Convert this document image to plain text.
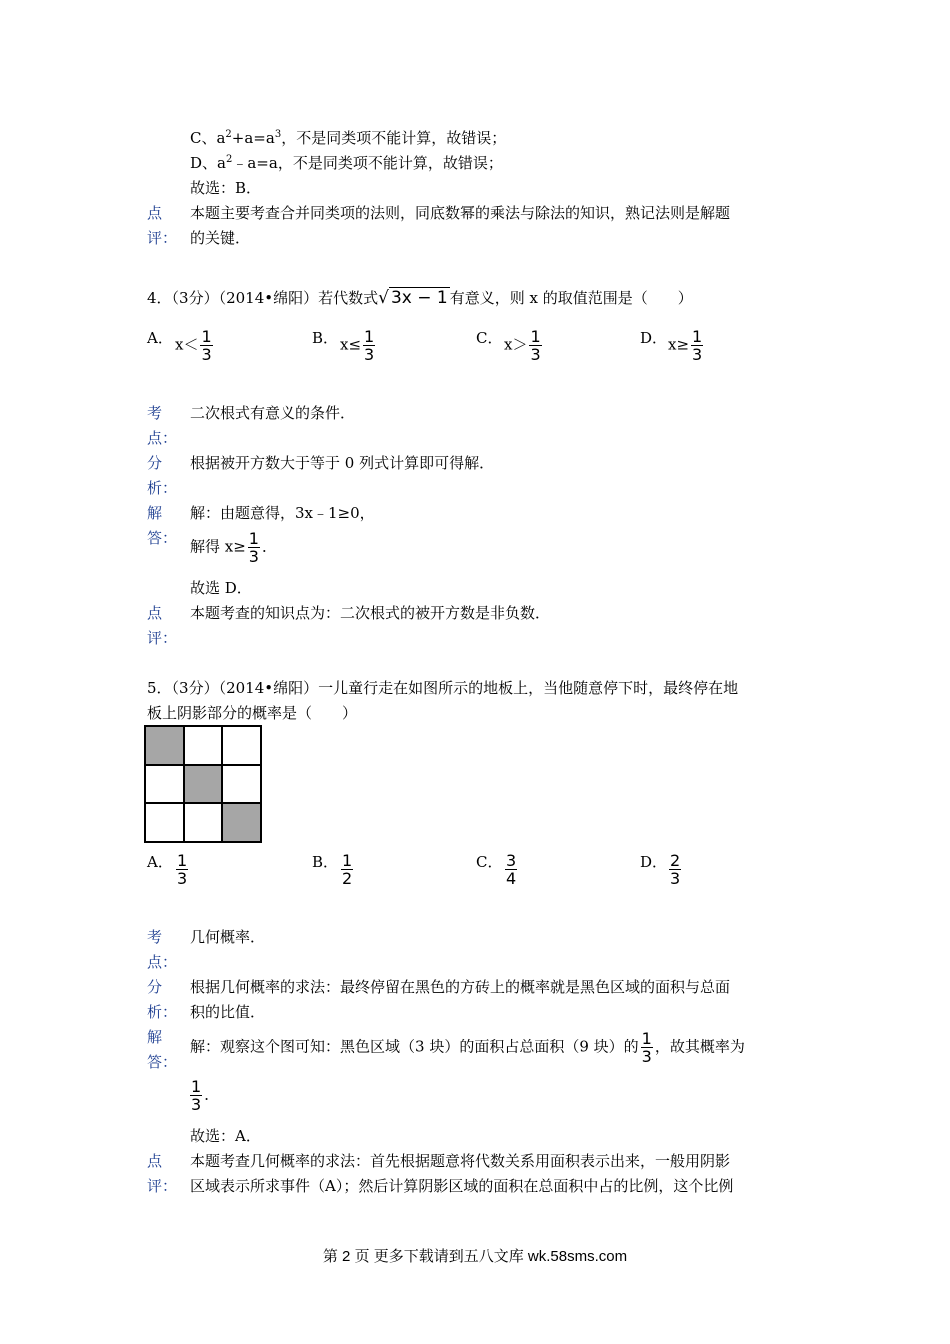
C、$a^2+a=a^3$，不是同类项不能计算，故错误；
D、$a^2﹣a=a$，不是同类项不能计算，故错误；
故选：B．
点
评：
本题主要考查合并同类项的法则，同底数幂的乘法与除法的知识，熟记法则是解题
的关键．
4．（3分）（2014•绵阳）若代数式√ 3x − 1 有意义，则 x 的取值范围是（　　）
A． $x< \frac{1}{3}$	B． $x\le \frac{1}{3}$	C． $x> \frac{1}{3}$	D． $x\ge \frac{1}{3}$
考
点：
二次根式有意义的条件．
分
析：
根据被开方数大于等于 0 列式计算即可得解．
解
答：
解：由题意得，3x﹣1≥0，
解得 $x\ge \frac{1}{3}$ ．
故选 D．
点
评：
本题考查的知识点为：二次根式的被开方数是非负数．
5．（3分）（2014•绵阳）一儿童行走在如图所示的地板上，当他随意停下时，最终停在地
板上阴影部分的概率是（　　）
A． $\frac{1}{3}$	B． $\frac{1}{2}$	C． $\frac{3}{4}$	D． $\frac{2}{3}$
考
点：
几何概率．
分
析：
根据几何概率的求法：最终停留在黑色的方砖上的概率就是黑色区域的面积与总面
积的比值．
解
答：
解：观察这个图可知：黑色区域（3 块）的面积占总面积（9 块）的 $\frac{1}{3}$ ，故其概率为
$\frac{1}{3}$ ．
故选：A．
点
评：
本题考查几何概率的求法：首先根据题意将代数关系用面积表示出来，一般用阴影
区域表示所求事件（A）；然后计算阴影区域的面积在总面积中占的比例，这个比例
第 2 页 更多下载请到五八文库 wk.58sms.com
